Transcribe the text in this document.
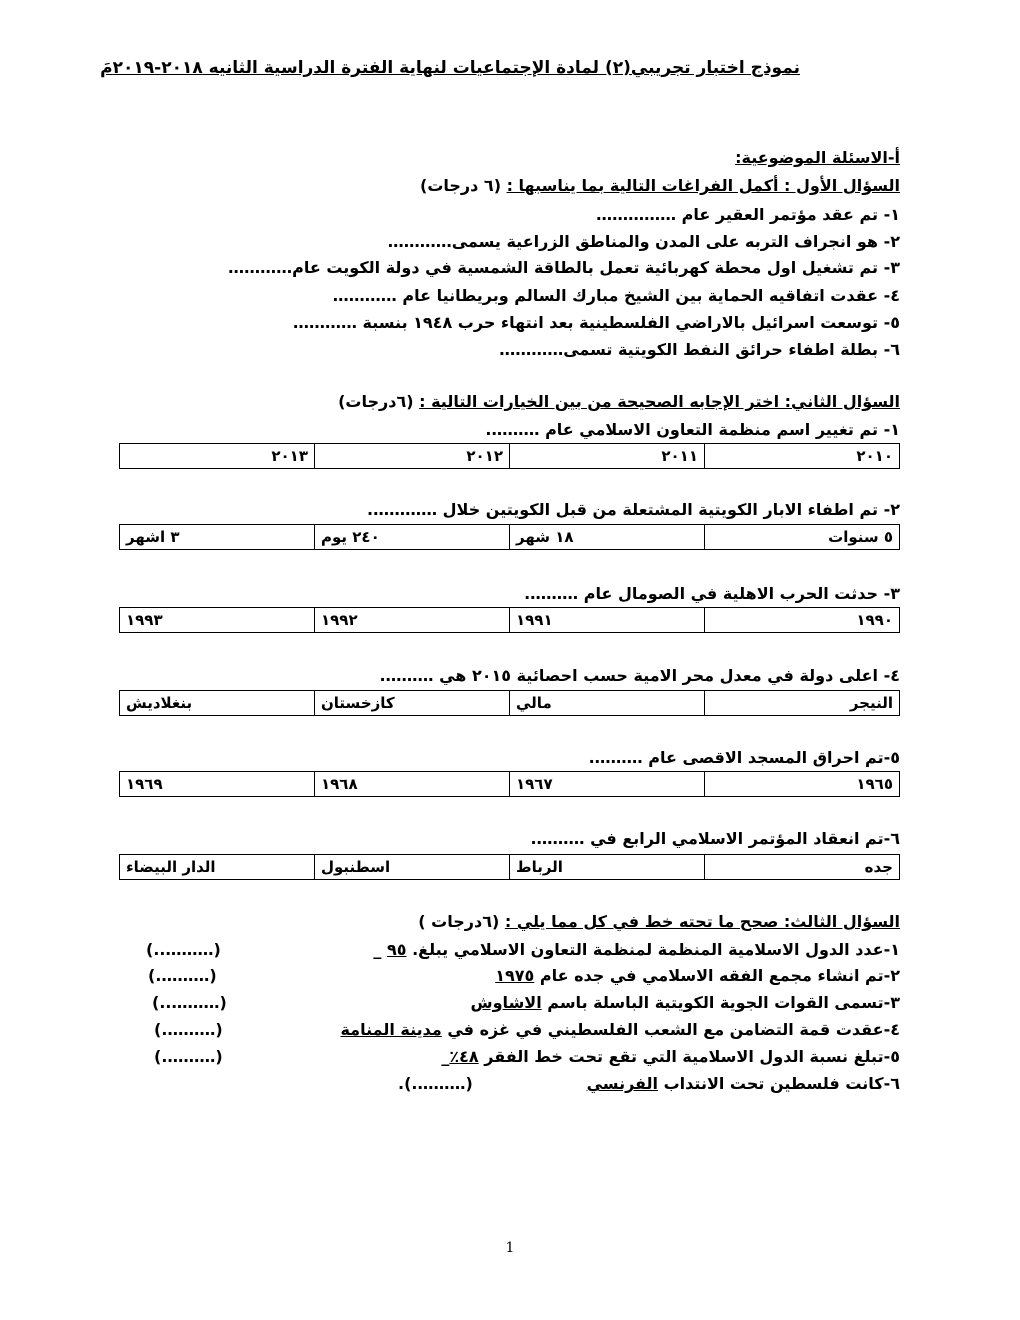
نموذج اختبار تجريبي(٢) لمادة الإجتماعيات لنهاية الفترة الدراسية الثانيه ٢٠١٨-٢٠١٩مَ
أ-الاسئلة الموضوعية:
السؤال الأول : أكمل الفراغات التالية بما يناسبها : (٦ درجات)
١- تم عقد مؤتمر العقير عام ……………
٢- هو انجراف التربه على المدن والمناطق الزراعية يسمى…………
٣- تم تشغيل اول محطة كهربائية تعمل بالطاقة الشمسية في دولة الكويت عام…………
٤- عقدت اتفاقيه الحماية بين الشيخ مبارك السالم وبريطانيا عام …………
٥- توسعت اسرائيل بالاراضي الفلسطينية بعد انتهاء حرب ١٩٤٨ بنسبة …………
٦- بطلة اطفاء حرائق النفط الكويتية تسمى…………
السؤال الثاني: اختر الإجابه الصحيحة من بين الخيارات التالية : (٦درجات)
١- تم تغيير اسم منظمة التعاون الاسلامي عام ……….
٢٠١٠	٢٠١١	٢٠١٢	٢٠١٣
٢- تم اطفاء الابار الكويتية المشتعلة من قبل الكويتين خلال ………….
٥ سنوات	١٨ شهر	٢٤٠ يوم	٣ اشهر
٣- حدثت الحرب الاهلية في الصومال عام ……….
١٩٩٠	١٩٩١	١٩٩٢	١٩٩٣
٤- اعلى دولة في معدل محر الامية حسب احصائية ٢٠١٥ هي ……….
النيجر	مالي	كازخستان	بنغلاديش
٥-تم احراق المسجد الاقصى عام ……….
١٩٦٥	١٩٦٧	١٩٦٨	١٩٦٩
٦-تم انعقاد المؤتمر الاسلامي الرابع في ……….
جده	الرباط	اسطنبول	الدار البيضاء
السؤال الثالث: صحح ما تحته خط في كل مما يلي : (٦درجات )
١-عدد الدول الاسلامية المنظمة لمنظمة التعاون الاسلامي يبلغ. ٩٥ _
(………..)
٢-تم انشاء مجمع الفقه الاسلامي في جده عام ١٩٧٥
(……….)
٣-تسمى القوات الجوية الكويتية الباسلة باسم الاشاوش
(………..)
٤-عقدت قمة التضامن مع الشعب الفلسطيني في غزه في مدينة المنامة
(……….)
٥-تبلغ نسبة الدول الاسلامية التي تقع تحت خط الفقر ٤٨٪_
(……….)
٦-كانت فلسطين تحت الانتداب الفرنسي
(……….).
1
